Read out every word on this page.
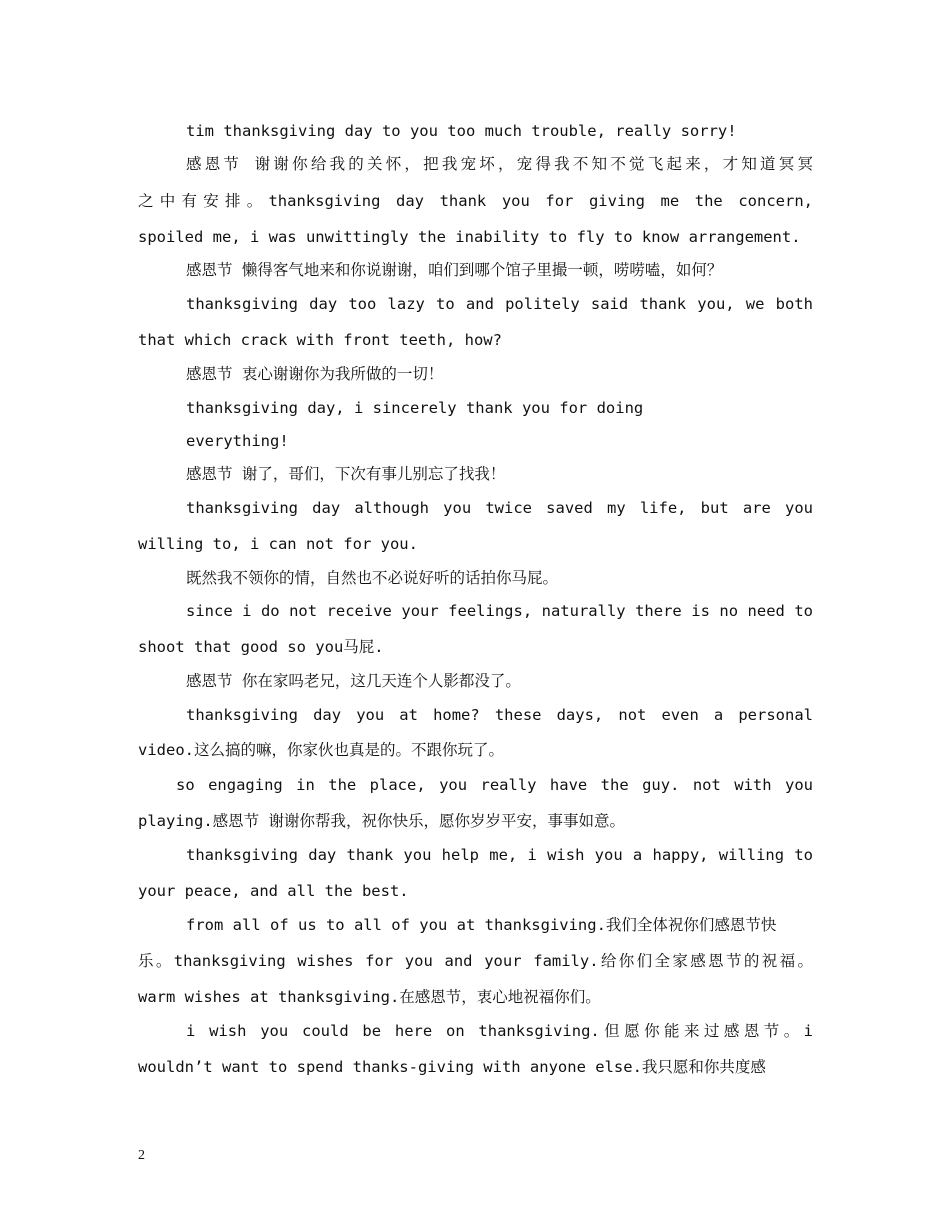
tim thanksgiving day to you too much trouble, really sorry!
感恩节 谢谢你给我的关怀，把我宠坏，宠得我不知不觉飞起来，才知道冥冥
之中有安排。thanksgiving day thank you for giving me the concern,
spoiled me, i was unwittingly the inability to fly to know arrangement.
感恩节 懒得客气地来和你说谢谢，咱们到哪个馆子里撮一顿，唠唠嗑，如何？
thanksgiving day too lazy to and politely said thank you, we both
that which crack with front teeth, how?
感恩节 衷心谢谢你为我所做的一切！
thanksgiving day, i sincerely thank you for doing
everything!
感恩节 谢了，哥们，下次有事儿别忘了找我！
thanksgiving day although you twice saved my life, but are you
willing to, i can not for you.
既然我不领你的情，自然也不必说好听的话拍你马屁。
since i do not receive your feelings, naturally there is no need to
shoot that good so you马屁.
感恩节 你在家吗老兄，这几天连个人影都没了。
thanksgiving day you at home? these days, not even a personal
video.这么搞的嘛，你家伙也真是的。不跟你玩了。
so engaging in the place, you really have the guy. not with you
playing.感恩节 谢谢你帮我，祝你快乐，愿你岁岁平安，事事如意。
thanksgiving day thank you help me, i wish you a happy, willing to
your peace, and all the best.
from all of us to all of you at thanksgiving.我们全体祝你们感恩节快
乐。thanksgiving wishes for you and your family.给你们全家感恩节的祝福。
warm wishes at thanksgiving.在感恩节，衷心地祝福你们。
i wish you could be here on thanksgiving.但愿你能来过感恩节。i
wouldn’t want to spend thanks-giving with anyone else.我只愿和你共度感
2
